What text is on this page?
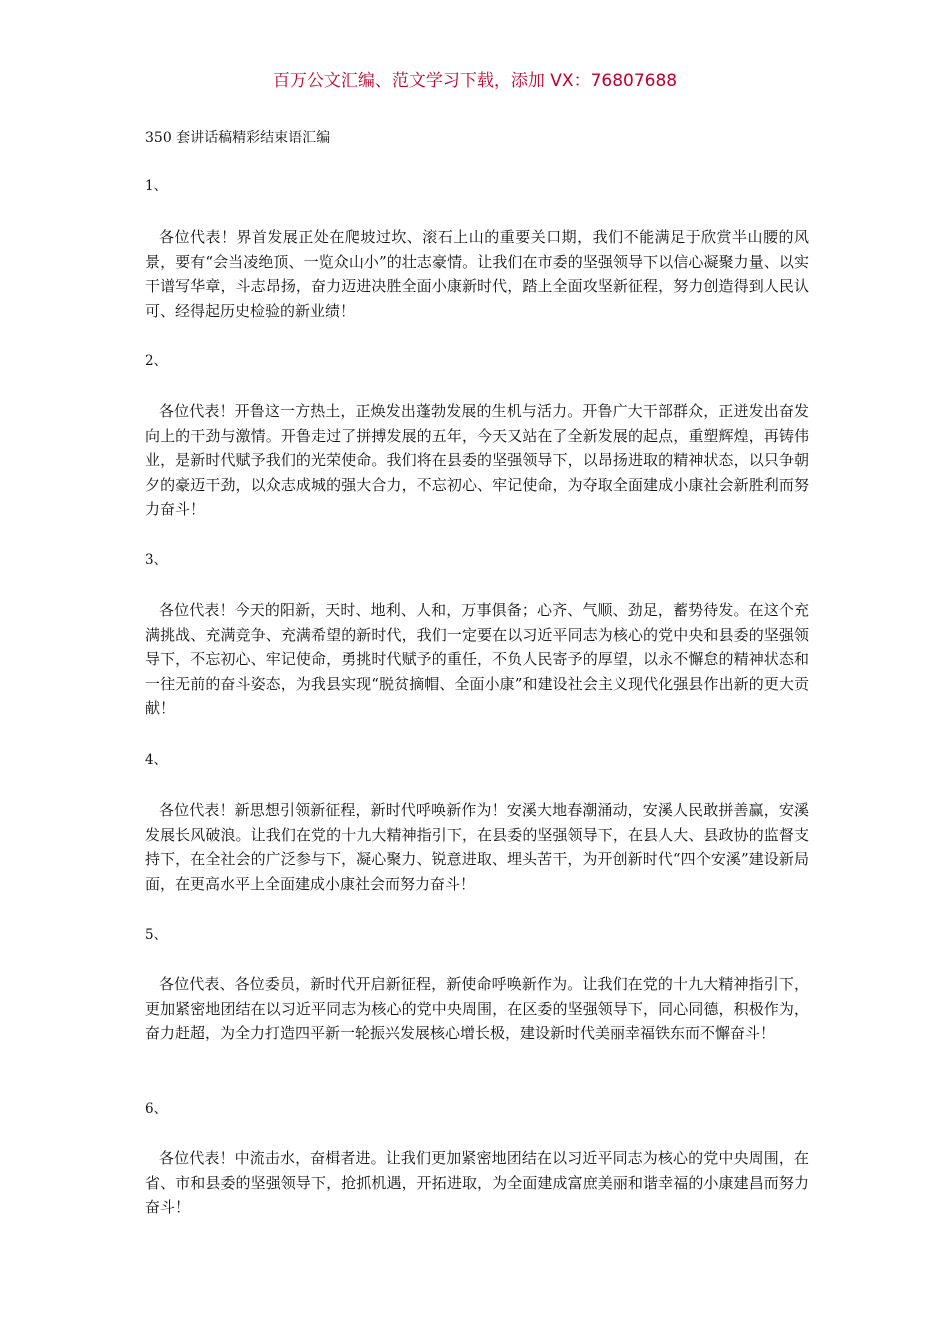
百万公文汇编、范文学习下载，添加 VX：76807688
350 套讲话稿精彩结束语汇编
1、

各位代表！界首发展正处在爬坡过坎、滚石上山的重要关口期，我们不能满足于欣赏半山腰的风景，要有“会当凌绝顶、一览众山小”的壮志豪情。让我们在市委的坚强领导下以信心凝聚力量、以实干谱写华章，斗志昂扬，奋力迈进决胜全面小康新时代，踏上全面攻坚新征程，努力创造得到人民认可、经得起历史检验的新业绩！

2、

各位代表！开鲁这一方热土，正焕发出蓬勃发展的生机与活力。开鲁广大干部群众，正迸发出奋发向上的干劲与激情。开鲁走过了拼搏发展的五年，今天又站在了全新发展的起点，重塑辉煌，再铸伟业，是新时代赋予我们的光荣使命。我们将在县委的坚强领导下，以昂扬进取的精神状态，以只争朝夕的豪迈干劲，以众志成城的强大合力，不忘初心、牢记使命，为夺取全面建成小康社会新胜利而努力奋斗！

3、

各位代表！今天的阳新，天时、地利、人和，万事俱备；心齐、气顺、劲足，蓄势待发。在这个充满挑战、充满竞争、充满希望的新时代，我们一定要在以习近平同志为核心的党中央和县委的坚强领导下，不忘初心、牢记使命，勇挑时代赋予的重任，不负人民寄予的厚望，以永不懈怠的精神状态和一往无前的奋斗姿态，为我县实现“脱贫摘帽、全面小康”和建设社会主义现代化强县作出新的更大贡献！

4、

各位代表！新思想引领新征程，新时代呼唤新作为！安溪大地春潮涌动，安溪人民敢拼善赢，安溪发展长风破浪。让我们在党的十九大精神指引下，在县委的坚强领导下，在县人大、县政协的监督支持下，在全社会的广泛参与下，凝心聚力、锐意进取、埋头苦干，为开创新时代“四个安溪”建设新局面，在更高水平上全面建成小康社会而努力奋斗！

5、

各位代表、各位委员，新时代开启新征程，新使命呼唤新作为。让我们在党的十九大精神指引下，更加紧密地团结在以习近平同志为核心的党中央周围，在区委的坚强领导下，同心同德，积极作为，奋力赶超，为全力打造四平新一轮振兴发展核心增长极，建设新时代美丽幸福铁东而不懈奋斗！

6、

各位代表！中流击水，奋楫者进。让我们更加紧密地团结在以习近平同志为核心的党中央周围，在省、市和县委的坚强领导下，抢抓机遇，开拓进取，为全面建成富庶美丽和谐幸福的小康建昌而努力奋斗！
